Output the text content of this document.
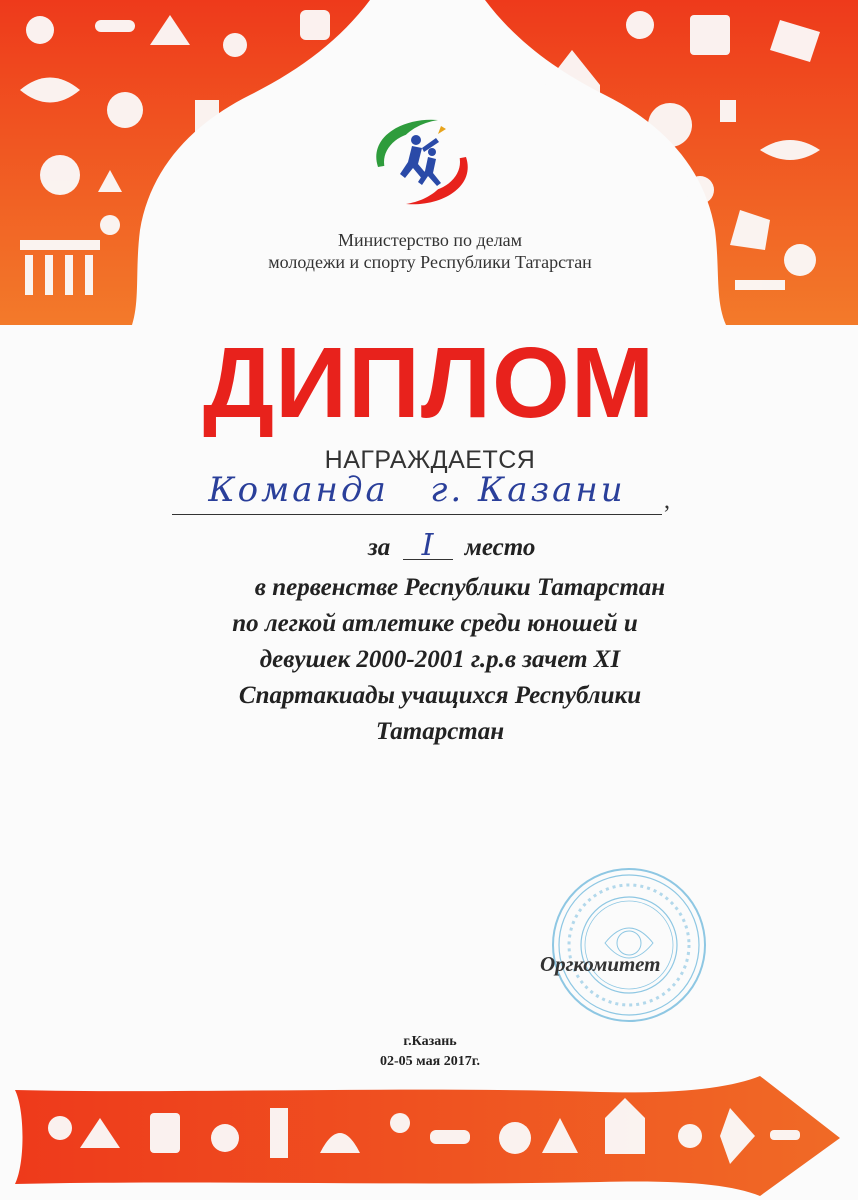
Министерство по делам
молодежи и спорту Республики Татарстан
ДИПЛОМ
НАГРАЖДАЕТСЯ
Команда   г. Казани	,
за I место
в первенстве Республики Татарстан
по легкой атлетике среди юношей и
девушек 2000-2001 г.р.в зачет XI
Спартакиады учащихся Республики
Татарстан
Оргкомитет
г.Казань
02-05 мая 2017г.
